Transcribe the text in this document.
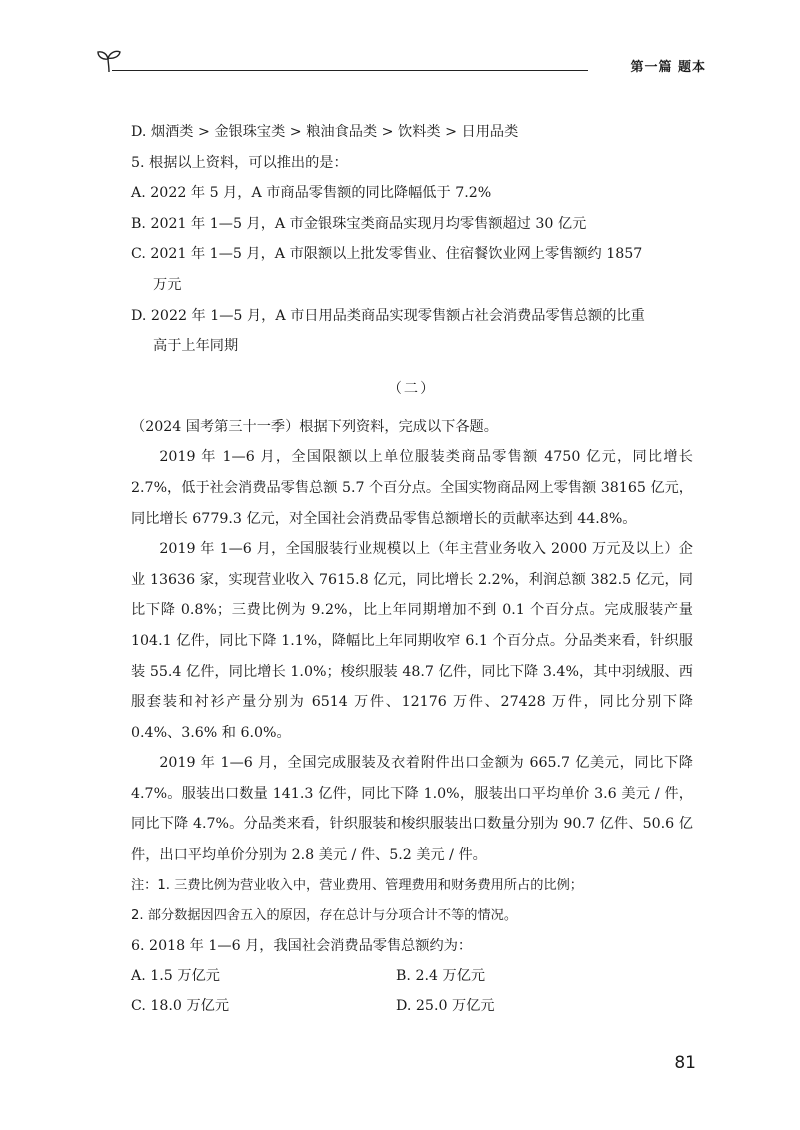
第一篇 题本
D. 烟酒类 > 金银珠宝类 > 粮油食品类 > 饮料类 > 日用品类
5. 根据以上资料，可以推出的是：
A. 2022 年 5 月，A 市商品零售额的同比降幅低于 7.2%
B. 2021 年 1—5 月，A 市金银珠宝类商品实现月均零售额超过 30 亿元
C. 2021 年 1—5 月，A 市限额以上批发零售业、住宿餐饮业网上零售额约 1857
万元
D. 2022 年 1—5 月，A 市日用品类商品实现零售额占社会消费品零售总额的比重
高于上年同期
（二）
（2024 国考第三十一季）根据下列资料，完成以下各题。

2019 年 1—6 月，全国限额以上单位服装类商品零售额 4750 亿元，同比增长 2.7%，低于社会消费品零售总额 5.7 个百分点。全国实物商品网上零售额 38165 亿元，同比增长 6779.3 亿元，对全国社会消费品零售总额增长的贡献率达到 44.8%。

2019 年 1—6 月，全国服装行业规模以上（年主营业务收入 2000 万元及以上）企业 13636 家，实现营业收入 7615.8 亿元，同比增长 2.2%，利润总额 382.5 亿元，同比下降 0.8%；三费比例为 9.2%，比上年同期增加不到 0.1 个百分点。完成服装产量 104.1 亿件，同比下降 1.1%，降幅比上年同期收窄 6.1 个百分点。分品类来看，针织服装 55.4 亿件，同比增长 1.0%；梭织服装 48.7 亿件，同比下降 3.4%，其中羽绒服、西服套装和衬衫产量分别为 6514 万件、12176 万件、27428 万件，同比分别下降 0.4%、3.6% 和 6.0%。

2019 年 1—6 月，全国完成服装及衣着附件出口金额为 665.7 亿美元，同比下降 4.7%。服装出口数量 141.3 亿件，同比下降 1.0%，服装出口平均单价 3.6 美元 / 件，同比下降 4.7%。分品类来看，针织服装和梭织服装出口数量分别为 90.7 亿件、50.6 亿件，出口平均单价分别为 2.8 美元 / 件、5.2 美元 / 件。

注：1. 三费比例为营业收入中，营业费用、管理费用和财务费用所占的比例；
2. 部分数据因四舍五入的原因，存在总计与分项合计不等的情况。
6. 2018 年 1—6 月，我国社会消费品零售总额约为：
A. 1.5 万亿元	B. 2.4 万亿元
C. 18.0 万亿元	D. 25.0 万亿元
81
